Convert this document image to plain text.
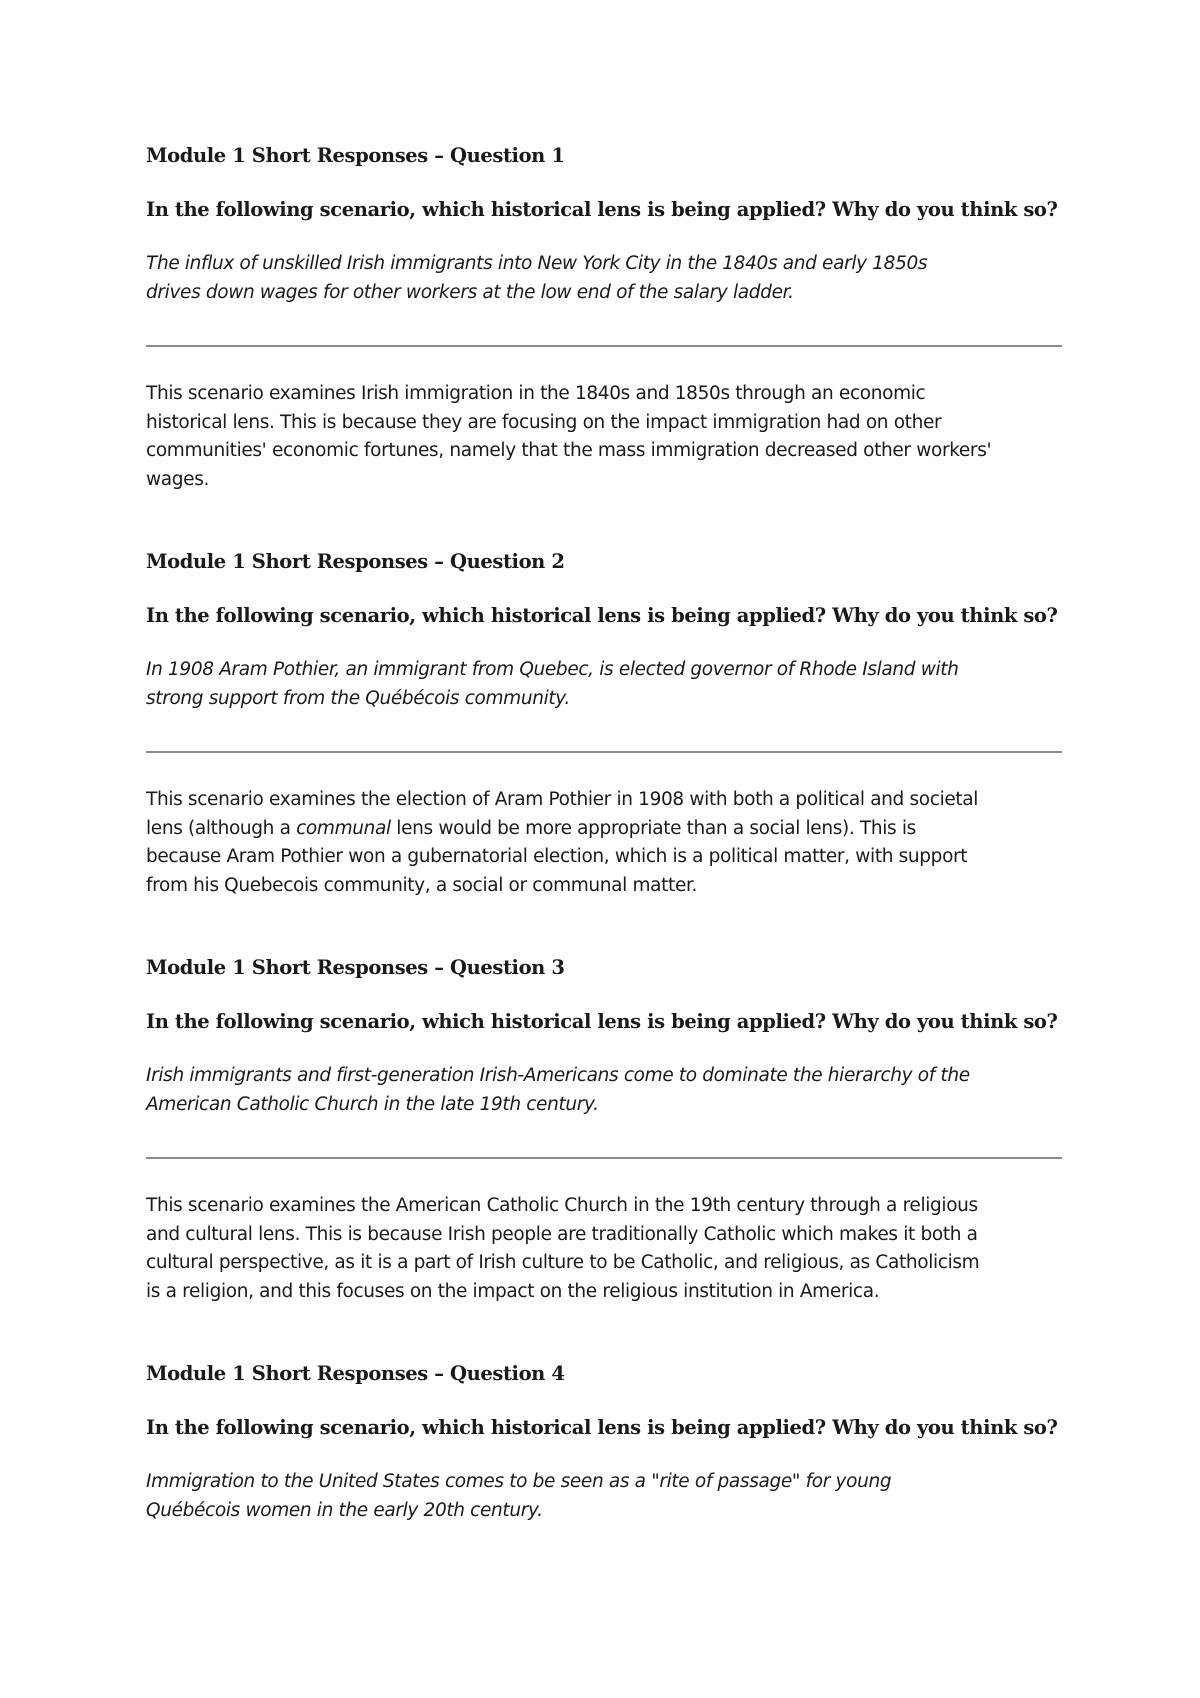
Module 1 Short Responses – Question 1

In the following scenario, which historical lens is being applied? Why do you think so?

The influx of unskilled Irish immigrants into New York City in the 1840s and early 1850s
drives down wages for other workers at the low end of the salary ladder.

This scenario examines Irish immigration in the 1840s and 1850s through an economic
historical lens. This is because they are focusing on the impact immigration had on other
communities' economic fortunes, namely that the mass immigration decreased other workers'
wages.

Module 1 Short Responses – Question 2

In the following scenario, which historical lens is being applied? Why do you think so?

In 1908 Aram Pothier, an immigrant from Quebec, is elected governor of Rhode Island with
strong support from the Québécois community.

This scenario examines the election of Aram Pothier in 1908 with both a political and societal
lens (although a communal lens would be more appropriate than a social lens). This is
because Aram Pothier won a gubernatorial election, which is a political matter, with support
from his Quebecois community, a social or communal matter.

Module 1 Short Responses – Question 3

In the following scenario, which historical lens is being applied? Why do you think so?

Irish immigrants and first-generation Irish-Americans come to dominate the hierarchy of the
American Catholic Church in the late 19th century.

This scenario examines the American Catholic Church in the 19th century through a religious
and cultural lens. This is because Irish people are traditionally Catholic which makes it both a
cultural perspective, as it is a part of Irish culture to be Catholic, and religious, as Catholicism
is a religion, and this focuses on the impact on the religious institution in America.

Module 1 Short Responses – Question 4

In the following scenario, which historical lens is being applied? Why do you think so?

Immigration to the United States comes to be seen as a "rite of passage" for young
Québécois women in the early 20th century.
